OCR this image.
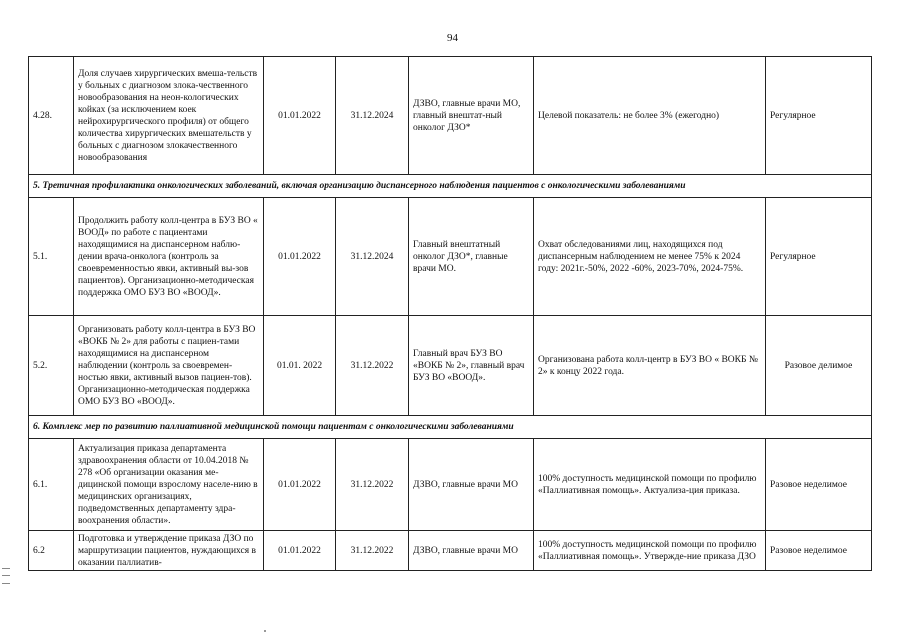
94
4.28.	Доля случаев хирургических вмеша-тельств у больных с диагнозом злока-чественного новообразования на неон-кологических койках (за исключением коек нейрохирургического профиля) от общего количества хирургических вмешательств у больных с диагнозом злокачественного новообразования	01.01.2022	31.12.2024	ДЗВО, главные врачи МО, главный внештат-ный онколог ДЗО*	Целевой показатель: не более 3% (ежегодно)	Регулярное
5. Третичная профилактика онкологических заболеваний, включая организацию диспансерного наблюдения пациентов с онкологическими заболеваниями						
5.1.	Продолжить работу колл-центра в БУЗ ВО « ВООД» по работе с пациентами находящимися на диспансерном наблю-дении врача-онколога (контроль за своевременностью явки, активный вы-зов пациентов). Организационно-методическая поддержка ОМО БУЗ ВО «ВООД».	01.01.2022	31.12.2024	Главный внештатный онколог ДЗО*, главные врачи МО.	Охват обследованиями лиц, находящихся под диспансерным наблюдением не менее 75% к 2024 году: 2021г.-50%, 2022 -60%, 2023-70%, 2024-75%.	Регулярное
5.2.	Организовать работу колл-центра в БУЗ ВО «ВОКБ № 2» для работы с пациен-тами находящимися на диспансерном наблюдении (контроль за своевремен-ностью явки, активный вызов пациен-тов). Организационно-методическая поддержка ОМО БУЗ ВО «ВООД».	01.01. 2022	31.12.2022	Главный врач БУЗ ВО «ВОКБ № 2», главный врач БУЗ ВО «ВООД».	Организована работа колл-центр в БУЗ ВО « ВОКБ № 2» к концу 2022 года.	Разовое делимое
6. Комплекс мер по развитию паллиативной медицинской помощи пациентам с онкологическими заболеваниями						
6.1.	Актуализация приказа департамента здравоохранения области от 10.04.2018 № 278 «Об организации оказания ме-дицинской помощи взрослому населе-нию в медицинских организациях, подведомственных департаменту здра-воохранения области».	01.01.2022	31.12.2022	ДЗВО, главные врачи МО	100% доступность медицинской помощи по профилю «Паллиативная помощь». Актуализа-ция приказа.	Разовое неделимое
6.2	Подготовка и утверждение приказа ДЗО по маршрутизации пациентов, нуждающихся в оказании паллиатив-	01.01.2022	31.12.2022	ДЗВО, главные врачи МО	100% доступность медицинской помощи по профилю «Паллиативная помощь». Утвержде-ние приказа ДЗО	Разовое неделимое
